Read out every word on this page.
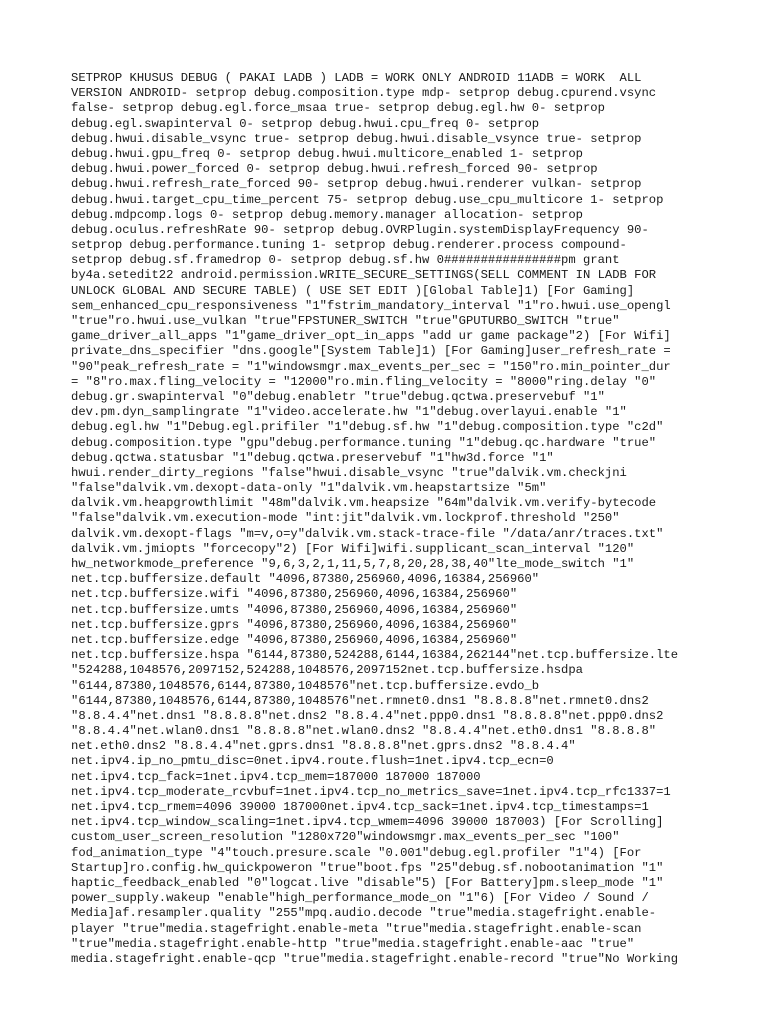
SETPROP KHUSUS DEBUG ( PAKAI LADB ) LADB = WORK ONLY ANDROID 11ADB = WORK  ALL
VERSION ANDROID- setprop debug.composition.type mdp- setprop debug.cpurend.vsync
false- setprop debug.egl.force_msaa true- setprop debug.egl.hw 0- setprop
debug.egl.swapinterval 0- setprop debug.hwui.cpu_freq 0- setprop
debug.hwui.disable_vsync true- setprop debug.hwui.disable_vsynce true- setprop
debug.hwui.gpu_freq 0- setprop debug.hwui.multicore_enabled 1- setprop
debug.hwui.power_forced 0- setprop debug.hwui.refresh_forced 90- setprop
debug.hwui.refresh_rate_forced 90- setprop debug.hwui.renderer vulkan- setprop
debug.hwui.target_cpu_time_percent 75- setprop debug.use_cpu_multicore 1- setprop
debug.mdpcomp.logs 0- setprop debug.memory.manager allocation- setprop
debug.oculus.refreshRate 90- setprop debug.OVRPlugin.systemDisplayFrequency 90-
setprop debug.performance.tuning 1- setprop debug.renderer.process compound-
setprop debug.sf.framedrop 0- setprop debug.sf.hw 0################pm grant
by4a.setedit22 android.permission.WRITE_SECURE_SETTINGS(SELL COMMENT IN LADB FOR
UNLOCK GLOBAL AND SECURE TABLE) ( USE SET EDIT )[Global Table]1) [For Gaming]
sem_enhanced_cpu_responsiveness "1"fstrim_mandatory_interval "1"ro.hwui.use_opengl
"true"ro.hwui.use_vulkan "true"FPSTUNER_SWITCH "true"GPUTURBO_SWITCH "true"
game_driver_all_apps "1"game_driver_opt_in_apps "add ur game package"2) [For Wifi]
private_dns_specifier "dns.google"[System Table]1) [For Gaming]user_refresh_rate =
"90"peak_refresh_rate = "1"windowsmgr.max_events_per_sec = "150"ro.min_pointer_dur
= "8"ro.max.fling_velocity = "12000"ro.min.fling_velocity = "8000"ring.delay "0"
debug.gr.swapinterval "0"debug.enabletr "true"debug.qctwa.preservebuf "1"
dev.pm.dyn_samplingrate "1"video.accelerate.hw "1"debug.overlayui.enable "1"
debug.egl.hw "1"Debug.egl.prifiler "1"debug.sf.hw "1"debug.composition.type "c2d"
debug.composition.type "gpu"debug.performance.tuning "1"debug.qc.hardware "true"
debug.qctwa.statusbar "1"debug.qctwa.preservebuf "1"hw3d.force "1"
hwui.render_dirty_regions "false"hwui.disable_vsync "true"dalvik.vm.checkjni
"false"dalvik.vm.dexopt-data-only "1"dalvik.vm.heapstartsize "5m"
dalvik.vm.heapgrowthlimit "48m"dalvik.vm.heapsize "64m"dalvik.vm.verify-bytecode
"false"dalvik.vm.execution-mode "int:jit"dalvik.vm.lockprof.threshold "250"
dalvik.vm.dexopt-flags "m=v,o=y"dalvik.vm.stack-trace-file "/data/anr/traces.txt"
dalvik.vm.jmiopts "forcecopy"2) [For Wifi]wifi.supplicant_scan_interval "120"
hw_networkmode_preference "9,6,3,2,1,11,5,7,8,20,28,38,40"lte_mode_switch "1"
net.tcp.buffersize.default "4096,87380,256960,4096,16384,256960"
net.tcp.buffersize.wifi "4096,87380,256960,4096,16384,256960"
net.tcp.buffersize.umts "4096,87380,256960,4096,16384,256960"
net.tcp.buffersize.gprs "4096,87380,256960,4096,16384,256960"
net.tcp.buffersize.edge "4096,87380,256960,4096,16384,256960"
net.tcp.buffersize.hspa "6144,87380,524288,6144,16384,262144"net.tcp.buffersize.lte
"524288,1048576,2097152,524288,1048576,2097152net.tcp.buffersize.hsdpa
"6144,87380,1048576,6144,87380,1048576"net.tcp.buffersize.evdo_b
"6144,87380,1048576,6144,87380,1048576"net.rmnet0.dns1 "8.8.8.8"net.rmnet0.dns2
"8.8.4.4"net.dns1 "8.8.8.8"net.dns2 "8.8.4.4"net.ppp0.dns1 "8.8.8.8"net.ppp0.dns2
"8.8.4.4"net.wlan0.dns1 "8.8.8.8"net.wlan0.dns2 "8.8.4.4"net.eth0.dns1 "8.8.8.8"
net.eth0.dns2 "8.8.4.4"net.gprs.dns1 "8.8.8.8"net.gprs.dns2 "8.8.4.4"
net.ipv4.ip_no_pmtu_disc=0net.ipv4.route.flush=1net.ipv4.tcp_ecn=0
net.ipv4.tcp_fack=1net.ipv4.tcp_mem=187000 187000 187000
net.ipv4.tcp_moderate_rcvbuf=1net.ipv4.tcp_no_metrics_save=1net.ipv4.tcp_rfc1337=1
net.ipv4.tcp_rmem=4096 39000 187000net.ipv4.tcp_sack=1net.ipv4.tcp_timestamps=1
net.ipv4.tcp_window_scaling=1net.ipv4.tcp_wmem=4096 39000 187003) [For Scrolling]
custom_user_screen_resolution "1280x720"windowsmgr.max_events_per_sec "100"
fod_animation_type "4"touch.presure.scale "0.001"debug.egl.profiler "1"4) [For
Startup]ro.config.hw_quickpoweron "true"boot.fps "25"debug.sf.nobootanimation "1"
haptic_feedback_enabled "0"logcat.live "disable"5) [For Battery]pm.sleep_mode "1"
power_supply.wakeup "enable"high_performance_mode_on "1"6) [For Video / Sound /
Media]af.resampler.quality "255"mpq.audio.decode "true"media.stagefright.enable-
player "true"media.stagefright.enable-meta "true"media.stagefright.enable-scan
"true"media.stagefright.enable-http "true"media.stagefright.enable-aac "true"
media.stagefright.enable-qcp "true"media.stagefright.enable-record "true"No Working
